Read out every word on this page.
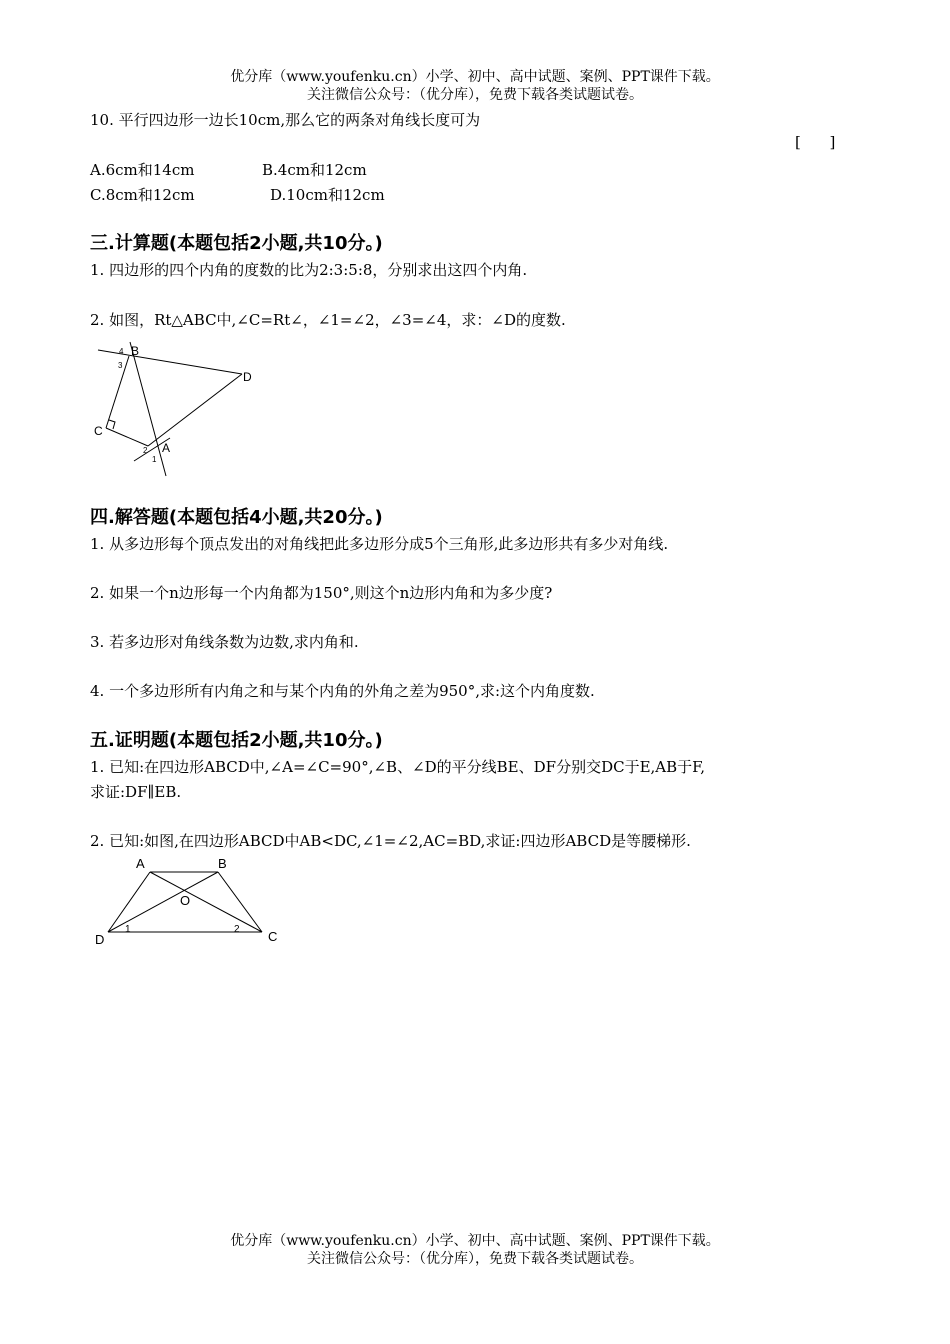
优分库（www.youfenku.cn）小学、初中、高中试题、案例、PPT课件下载。
关注微信公众号：（优分库），免费下载各类试题试卷。
10. 平行四边形一边长10cm,那么它的两条对角线长度可为
[      ]
A.6cm和14cm	B.4cm和12cm
C.8cm和12cm	D.10cm和12cm
三.计算题(本题包括2小题,共10分。)
1. 四边形的四个内角的度数的比为2:3:5:8，分别求出这四个内角.
2. 如图，Rt△ABC中,∠C=Rt∠，∠1=∠2，∠3=∠4，求：∠D的度数.
B
D
C
A
4
3
2
1
四.解答题(本题包括4小题,共20分。)
1. 从多边形每个顶点发出的对角线把此多边形分成5个三角形,此多边形共有多少对角线.
2. 如果一个n边形每一个内角都为150°,则这个n边形内角和为多少度?
3. 若多边形对角线条数为边数,求内角和.
4. 一个多边形所有内角之和与某个内角的外角之差为950°,求:这个内角度数.
五.证明题(本题包括2小题,共10分。)
1. 已知:在四边形ABCD中,∠A=∠C=90°,∠B、∠D的平分线BE、DF分别交DC于E,AB于F,
求证:DF∥EB.
2. 已知:如图,在四边形ABCD中AB<DC,∠1=∠2,AC=BD,求证:四边形ABCD是等腰梯形.
A	B
O
D	C
1	2
优分库（www.youfenku.cn）小学、初中、高中试题、案例、PPT课件下载。
关注微信公众号：（优分库），免费下载各类试题试卷。
